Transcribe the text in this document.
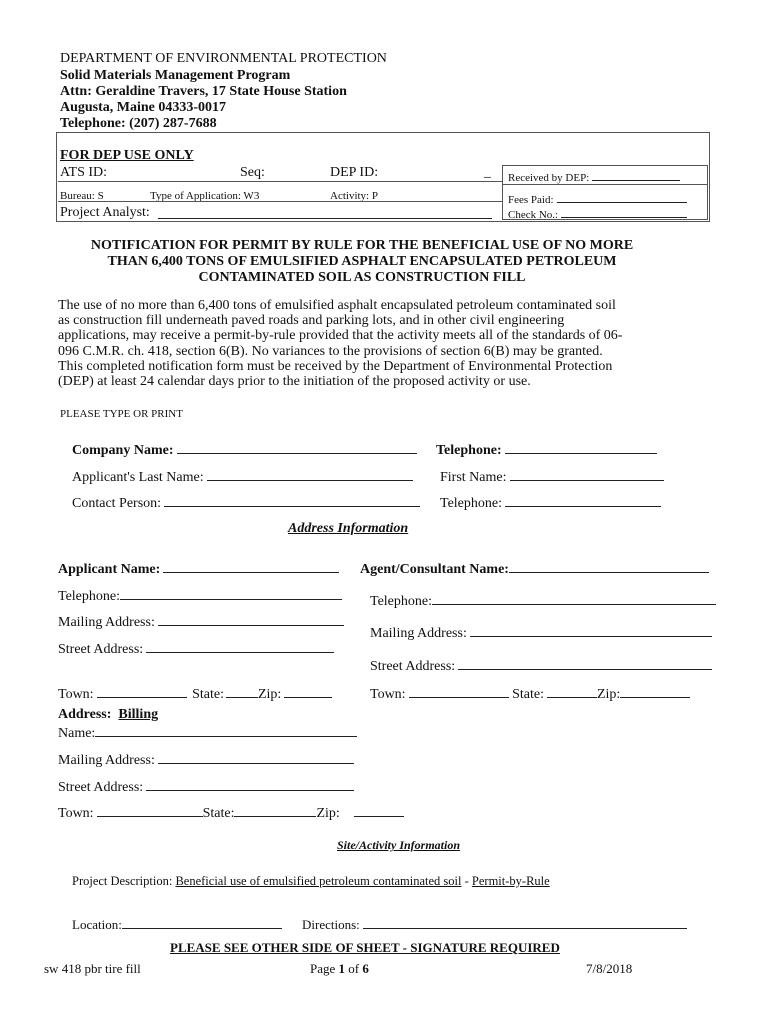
DEPARTMENT OF ENVIRONMENTAL PROTECTION
Solid Materials Management Program
Attn: Geraldine Travers, 17 State House Station
Augusta, Maine 04333-0017
Telephone: (207) 287-7688
FOR DEP USE ONLY
ATS ID:	Seq:	DEP ID:	_
Bureau: S	Type of Application: W3	Activity: P
Project Analyst:
Received by DEP:
Fees Paid:
Check No.:
NOTIFICATION FOR PERMIT BY RULE FOR THE BENEFICIAL USE OF NO MORE
THAN 6,400 TONS OF EMULSIFIED ASPHALT ENCAPSULATED PETROLEUM
CONTAMINATED SOIL AS CONSTRUCTION FILL
The use of no more than 6,400 tons of emulsified asphalt encapsulated petroleum contaminated soil
as construction fill underneath paved roads and parking lots, and in other civil engineering
applications, may receive a permit-by-rule provided that the activity meets all of the standards of 06-
096 C.M.R. ch. 418, section 6(B). No variances to the provisions of section 6(B) may be granted.
This completed notification form must be received by the Department of Environmental Protection
(DEP) at least 24 calendar days prior to the initiation of the proposed activity or use.
PLEASE TYPE OR PRINT
Company Name:	Telephone:
Applicant's Last Name:	First Name:
Contact Person:	Telephone:
Address Information
Applicant Name:
Telephone:
Mailing Address:
Street Address:
Town:	State: Zip:
Agent/Consultant Name:
Telephone:
Mailing Address:
Street Address:
Town:	State:	Zip:
Address: Billing
Name:
Mailing Address:
Street Address:
Town:	State:	Zip:
Site/Activity Information
Project Description: Beneficial use of emulsified petroleum contaminated soil - Permit-by-Rule
Location:	Directions:
PLEASE SEE OTHER SIDE OF SHEET - SIGNATURE REQUIRED
sw 418 pbr tire fill	Page 1 of 6	7/8/2018
